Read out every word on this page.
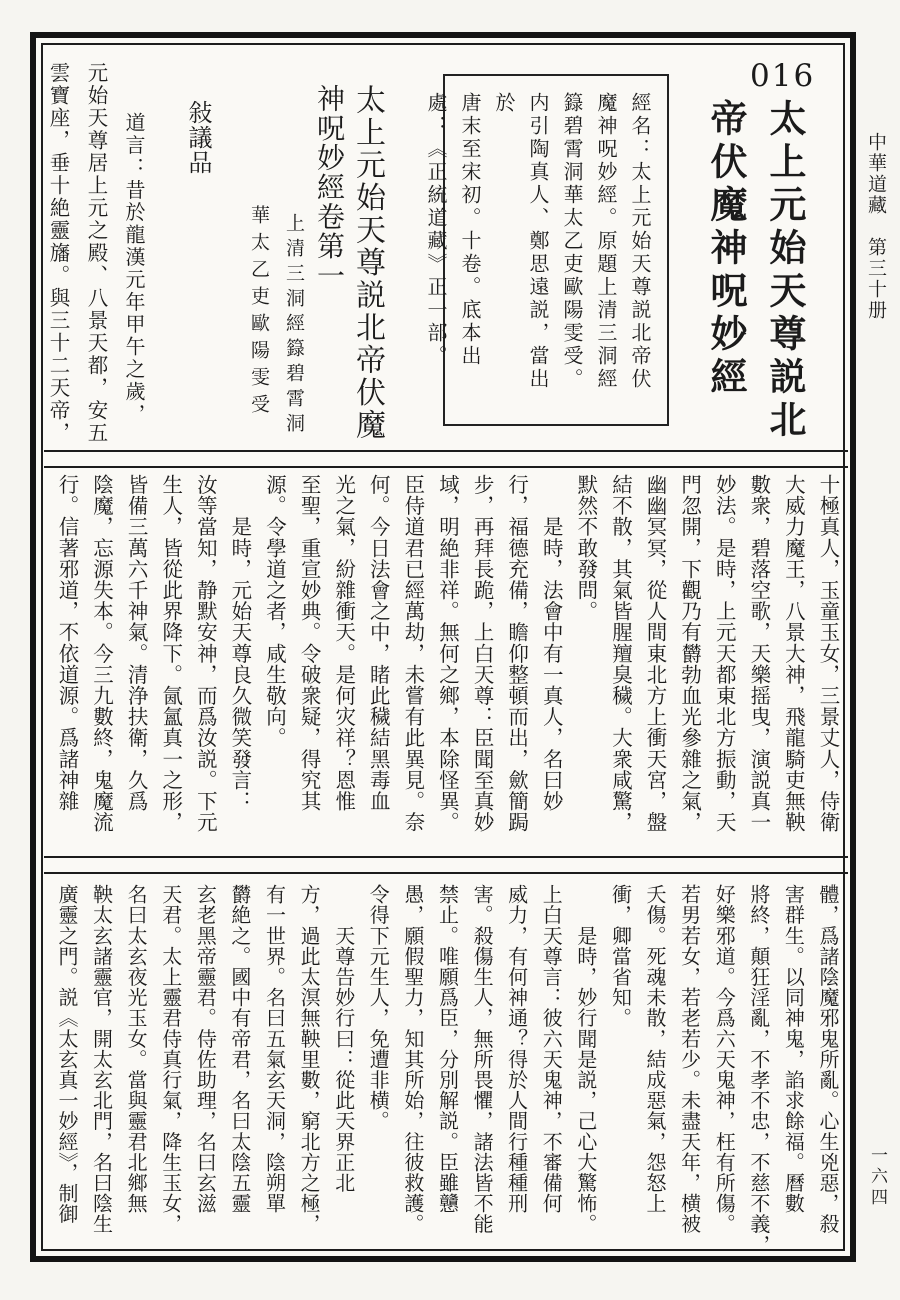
中華道藏　第三十册
一六四
016
太上元始天尊説北
帝伏魔神呪妙經
經名：太上元始天尊説北帝伏
魔神呪妙經。原題上清三洞經
籙碧霄洞華太乙吏歐陽雯受。
内引陶真人、鄭思遠説，當出於
唐末至宋初。十卷。底本出
處：《正統道藏》正一部。
太上元始天尊説北帝伏魔
神呪妙經卷第一
上清三洞經籙碧霄洞
華太乙吏歐陽雯受
敍議品
道言：昔於龍漢元年甲午之歲，
元始天尊居上元之殿、八景天都，安五
雲寶座，垂十絶靈旛。與三十二天帝，
十極真人，玉童玉女，三景丈人，侍衛
大威力魔王，八景大神，飛龍騎吏無鞅
數衆，碧落空歌，天樂摇曳，演説真一
妙法。是時，上元天都東北方振動，天
門忽開，下觀乃有欝勃血光參雜之氣，
幽幽冥冥，從人間東北方上衝天宮，盤
結不散，其氣皆腥羶臭穢。大衆咸驚，
默然不敢發問。
　　是時，法會中有一真人，名曰妙
行，福德充備，瞻仰整頓而出，歛簡跼
步，再拜長跪，上白天尊：臣聞至真妙
域，明絶非祥。無何之鄉，本除怪異。
臣侍道君已經萬劫，未嘗有此異見。奈
何。今日法會之中，睹此穢結黑毒血
光之氣，紛雜衝天。是何灾祥？恩惟
至聖，重宣妙典。令破衆疑，得究其
源。令學道之者，咸生敬向。
　　是時，元始天尊良久微笑發言：
汝等當知，静默安神，而爲汝説。下元
生人，皆從此界降下。氤氳真一之形，
皆備三萬六千神氣。清浄扶衛，久爲
陰魔，忘源失本。今三九數終，鬼魔流
行。信著邪道，不依道源。爲諸神雜
體，爲諸陰魔邪鬼所亂。心生兇惡，殺
害群生。以同神鬼，諂求餘福。曆數
將終，顛狂淫亂，不孝不忠，不慈不義，
好樂邪道。今爲六天鬼神，枉有所傷。
若男若女，若老若少。未盡天年，横被
夭傷。死魂未散，結成惡氣，怨怒上
衝，卿當省知。
　　是時，妙行聞是説，己心大驚怖。
上白天尊言：彼六天鬼神，不審備何
威力，有何神通？得於人間行種種刑
害。殺傷生人，無所畏懼，諸法皆不能
禁止。唯願爲臣，分別解説。臣雖戇
愚，願假聖力，知其所始，往彼救護。
令得下元生人，免遭非横。
　　天尊告妙行曰：從此天界正北
方，過此太溟無鞅里數，窮北方之極，
有一世界。名曰五氣玄天洞，陰朔單
欝絶之。國中有帝君，名曰太陰五靈
玄老黑帝靈君。侍佐助理，名曰玄滋
天君。太上靈君侍真行氣，降生玉女，
名曰太玄夜光玉女。當與靈君北鄉無
鞅太玄諸靈官，開太玄北門，名曰陰生
廣靈之門。説《太玄真一妙經》，制御
